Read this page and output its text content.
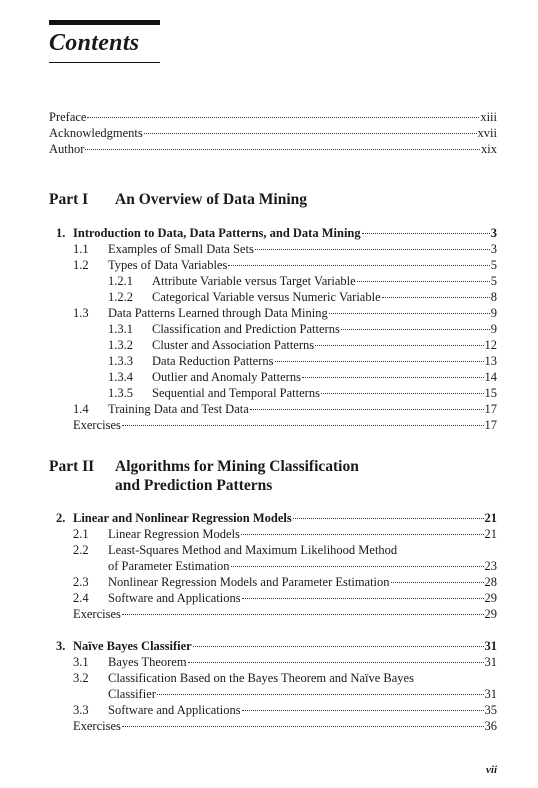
Contents
Preface	xiii
Acknowledgments	xvii
Author	xix
Part I An Overview of Data Mining
1. Introduction to Data, Data Patterns, and Data Mining	3
1.1	Examples of Small Data Sets	3
1.2	Types of Data Variables	5
1.2.1	Attribute Variable versus Target Variable	5
1.2.2	Categorical Variable versus Numeric Variable	8
1.3	Data Patterns Learned through Data Mining	9
1.3.1	Classification and Prediction Patterns	9
1.3.2	Cluster and Association Patterns	12
1.3.3	Data Reduction Patterns	13
1.3.4	Outlier and Anomaly Patterns	14
1.3.5	Sequential and Temporal Patterns	15
1.4	Training Data and Test Data	17
Exercises	17
Part II Algorithms for Mining Classification
and Prediction Patterns
2. Linear and Nonlinear Regression Models	21
2.1	Linear Regression Models	21
2.2 Least-Squares Method and Maximum Likelihood Method
of Parameter Estimation	23
2.3	Nonlinear Regression Models and Parameter Estimation	28
2.4	Software and Applications	29
Exercises	29
3. Naïve Bayes Classifier	31
3.1	Bayes Theorem	31
3.2 Classification Based on the Bayes Theorem and Naïve Bayes
Classifier	31
3.3	Software and Applications	35
Exercises	36
vii
